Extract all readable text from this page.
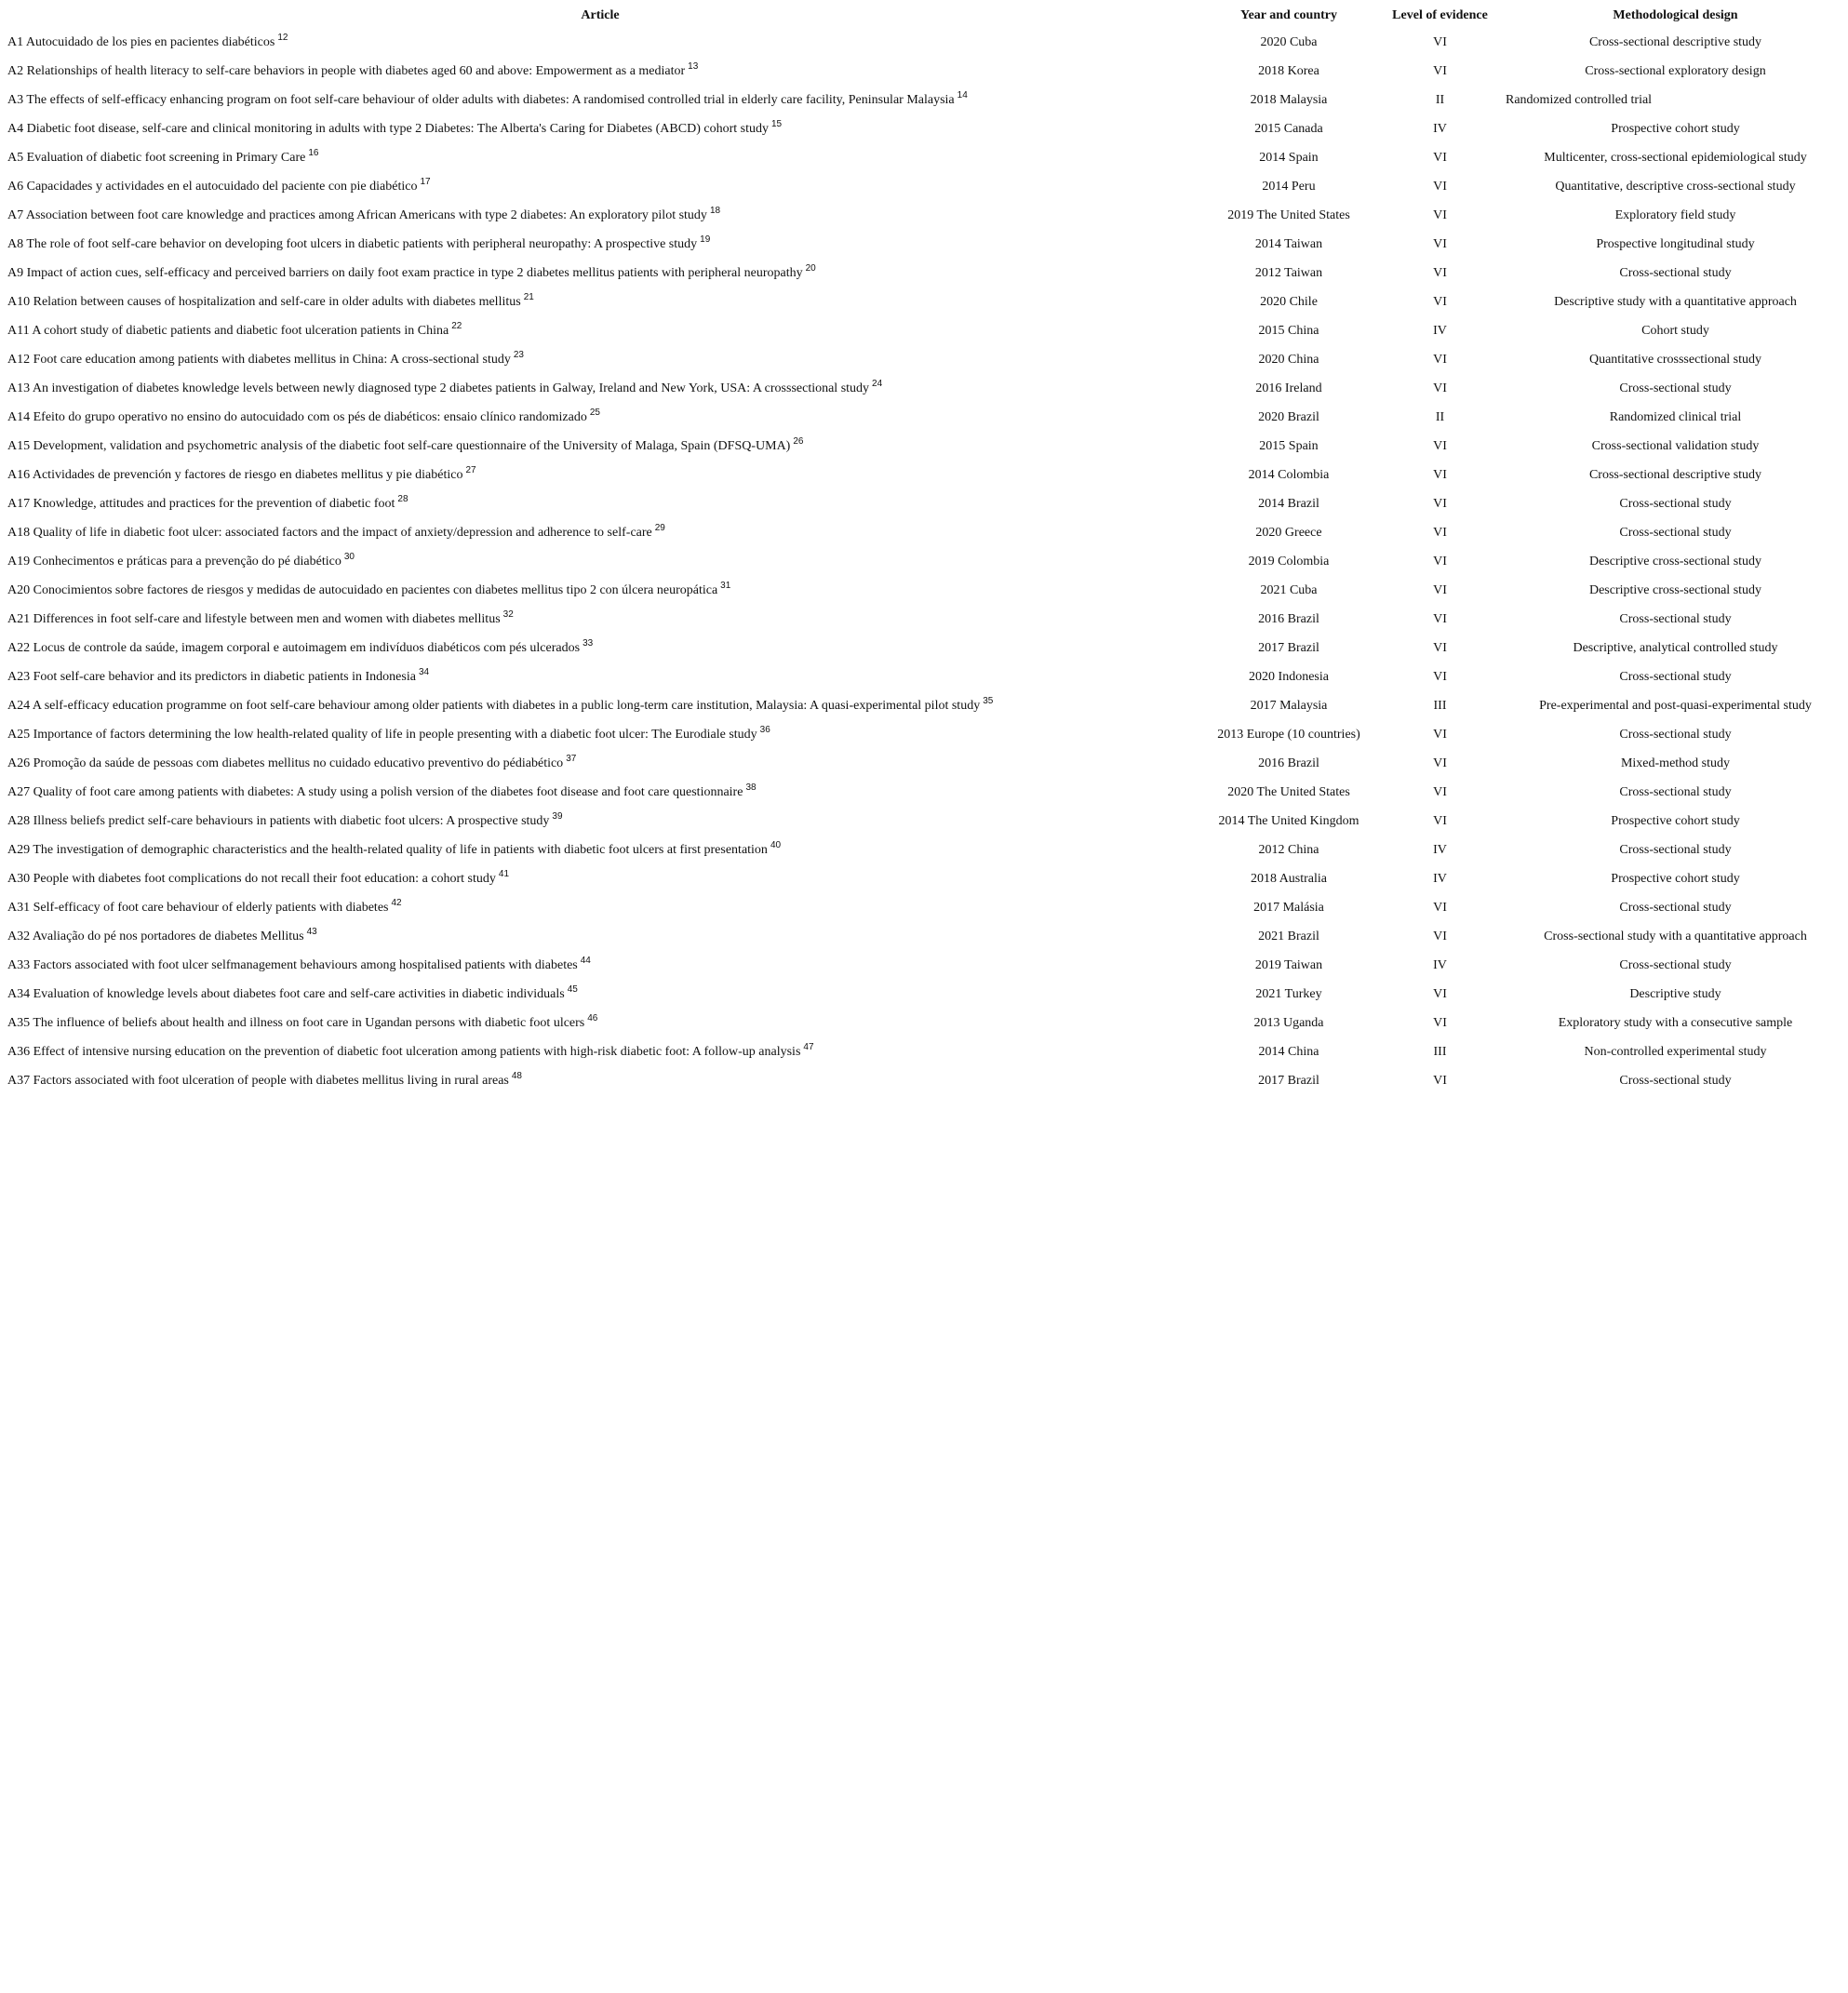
Article	Year and country	Level of evidence	Methodological design
A1 Autocuidado de los pies en pacientes diabéticos $^{12}$	2020 Cuba	VI	Cross-sectional descriptive study
A2 Relationships of health literacy to self-care behaviors in people with diabetes aged 60 and above: Empowerment as a mediator $^{13}$	2018 Korea	VI	Cross-sectional exploratory design
A3 The effects of self-efficacy enhancing program on foot self-care behaviour of older adults with diabetes: A randomised controlled trial in elderly care facility, Peninsular Malaysia $^{14}$	2018 Malaysia	II	Randomized controlled trial
A4 Diabetic foot disease, self-care and clinical monitoring in adults with type 2 Diabetes: The Alberta's Caring for Diabetes (ABCD) cohort study $^{15}$	2015 Canada	IV	Prospective cohort study
A5 Evaluation of diabetic foot screening in Primary Care $^{16}$	2014 Spain	VI	Multicenter, cross-sectional epidemiological study
A6 Capacidades y actividades en el autocuidado del paciente con pie diabético $^{17}$	2014 Peru	VI	Quantitative, descriptive cross-sectional study
A7 Association between foot care knowledge and practices among African Americans with type 2 diabetes: An exploratory pilot study $^{18}$	2019 The United States	VI	Exploratory field study
A8 The role of foot self-care behavior on developing foot ulcers in diabetic patients with peripheral neuropathy: A prospective study $^{19}$	2014 Taiwan	VI	Prospective longitudinal study
A9 Impact of action cues, self-efficacy and perceived barriers on daily foot exam practice in type 2 diabetes mellitus patients with peripheral neuropathy $^{20}$	2012 Taiwan	VI	Cross-sectional study
A10 Relation between causes of hospitalization and self-care in older adults with diabetes mellitus $^{21}$	2020 Chile	VI	Descriptive study with a quantitative approach
A11 A cohort study of diabetic patients and diabetic foot ulceration patients in China $^{22}$	2015 China	IV	Cohort study
A12 Foot care education among patients with diabetes mellitus in China: A cross-sectional study $^{23}$	2020 China	VI	Quantitative crosssectional study
A13 An investigation of diabetes knowledge levels between newly diagnosed type 2 diabetes patients in Galway, Ireland and New York, USA: A crosssectional study $^{24}$	2016 Ireland	VI	Cross-sectional study
A14 Efeito do grupo operativo no ensino do autocuidado com os pés de diabéticos: ensaio clínico randomizado $^{25}$	2020 Brazil	II	Randomized clinical trial
A15 Development, validation and psychometric analysis of the diabetic foot self-care questionnaire of the University of Malaga, Spain (DFSQ-UMA) $^{26}$	2015 Spain	VI	Cross-sectional validation study
A16 Actividades de prevención y factores de riesgo en diabetes mellitus y pie diabético $^{27}$	2014 Colombia	VI	Cross-sectional descriptive study
A17 Knowledge, attitudes and practices for the prevention of diabetic foot $^{28}$	2014 Brazil	VI	Cross-sectional study
A18 Quality of life in diabetic foot ulcer: associated factors and the impact of anxiety/depression and adherence to self-care $^{29}$	2020 Greece	VI	Cross-sectional study
A19 Conhecimentos e práticas para a prevenção do pé diabético $^{30}$	2019 Colombia	VI	Descriptive cross-sectional study
A20 Conocimientos sobre factores de riesgos y medidas de autocuidado en pacientes con diabetes mellitus tipo 2 con úlcera neuropática $^{31}$	2021 Cuba	VI	Descriptive cross-sectional study
A21 Differences in foot self-care and lifestyle between men and women with diabetes mellitus $^{32}$	2016 Brazil	VI	Cross-sectional study
A22 Locus de controle da saúde, imagem corporal e autoimagem em indivíduos diabéticos com pés ulcerados $^{33}$	2017 Brazil	VI	Descriptive, analytical controlled study
A23 Foot self-care behavior and its predictors in diabetic patients in Indonesia $^{34}$	2020 Indonesia	VI	Cross-sectional study
A24 A self-efficacy education programme on foot self-care behaviour among older patients with diabetes in a public long-term care institution, Malaysia: A quasi-experimental pilot study $^{35}$	2017 Malaysia	III	Pre-experimental and post-quasi-experimental study
A25 Importance of factors determining the low health-related quality of life in people presenting with a diabetic foot ulcer: The Eurodiale study $^{36}$	2013 Europe (10 countries)	VI	Cross-sectional study
A26 Promoção da saúde de pessoas com diabetes mellitus no cuidado educativo preventivo do pédiabético $^{37}$	2016 Brazil	VI	Mixed-method study
A27 Quality of foot care among patients with diabetes: A study using a polish version of the diabetes foot disease and foot care questionnaire $^{38}$	2020 The United States	VI	Cross-sectional study
A28 Illness beliefs predict self-care behaviours in patients with diabetic foot ulcers: A prospective study $^{39}$	2014 The United Kingdom	VI	Prospective cohort study
A29 The investigation of demographic characteristics and the health-related quality of life in patients with diabetic foot ulcers at first presentation $^{40}$	2012 China	IV	Cross-sectional study
A30 People with diabetes foot complications do not recall their foot education: a cohort study $^{41}$	2018 Australia	IV	Prospective cohort study
A31 Self-efficacy of foot care behaviour of elderly patients with diabetes $^{42}$	2017 Malásia	VI	Cross-sectional study
A32 Avaliação do pé nos portadores de diabetes Mellitus $^{43}$	2021 Brazil	VI	Cross-sectional study with a quantitative approach
A33 Factors associated with foot ulcer selfmanagement behaviours among hospitalised patients with diabetes $^{44}$	2019 Taiwan	IV	Cross-sectional study
A34 Evaluation of knowledge levels about diabetes foot care and self-care activities in diabetic individuals $^{45}$	2021 Turkey	VI	Descriptive study
A35 The influence of beliefs about health and illness on foot care in Ugandan persons with diabetic foot ulcers $^{46}$	2013 Uganda	VI	Exploratory study with a consecutive sample
A36 Effect of intensive nursing education on the prevention of diabetic foot ulceration among patients with high-risk diabetic foot: A follow-up analysis $^{47}$	2014 China	III	Non-controlled experimental study
A37 Factors associated with foot ulceration of people with diabetes mellitus living in rural areas $^{48}$	2017 Brazil	VI	Cross-sectional study
